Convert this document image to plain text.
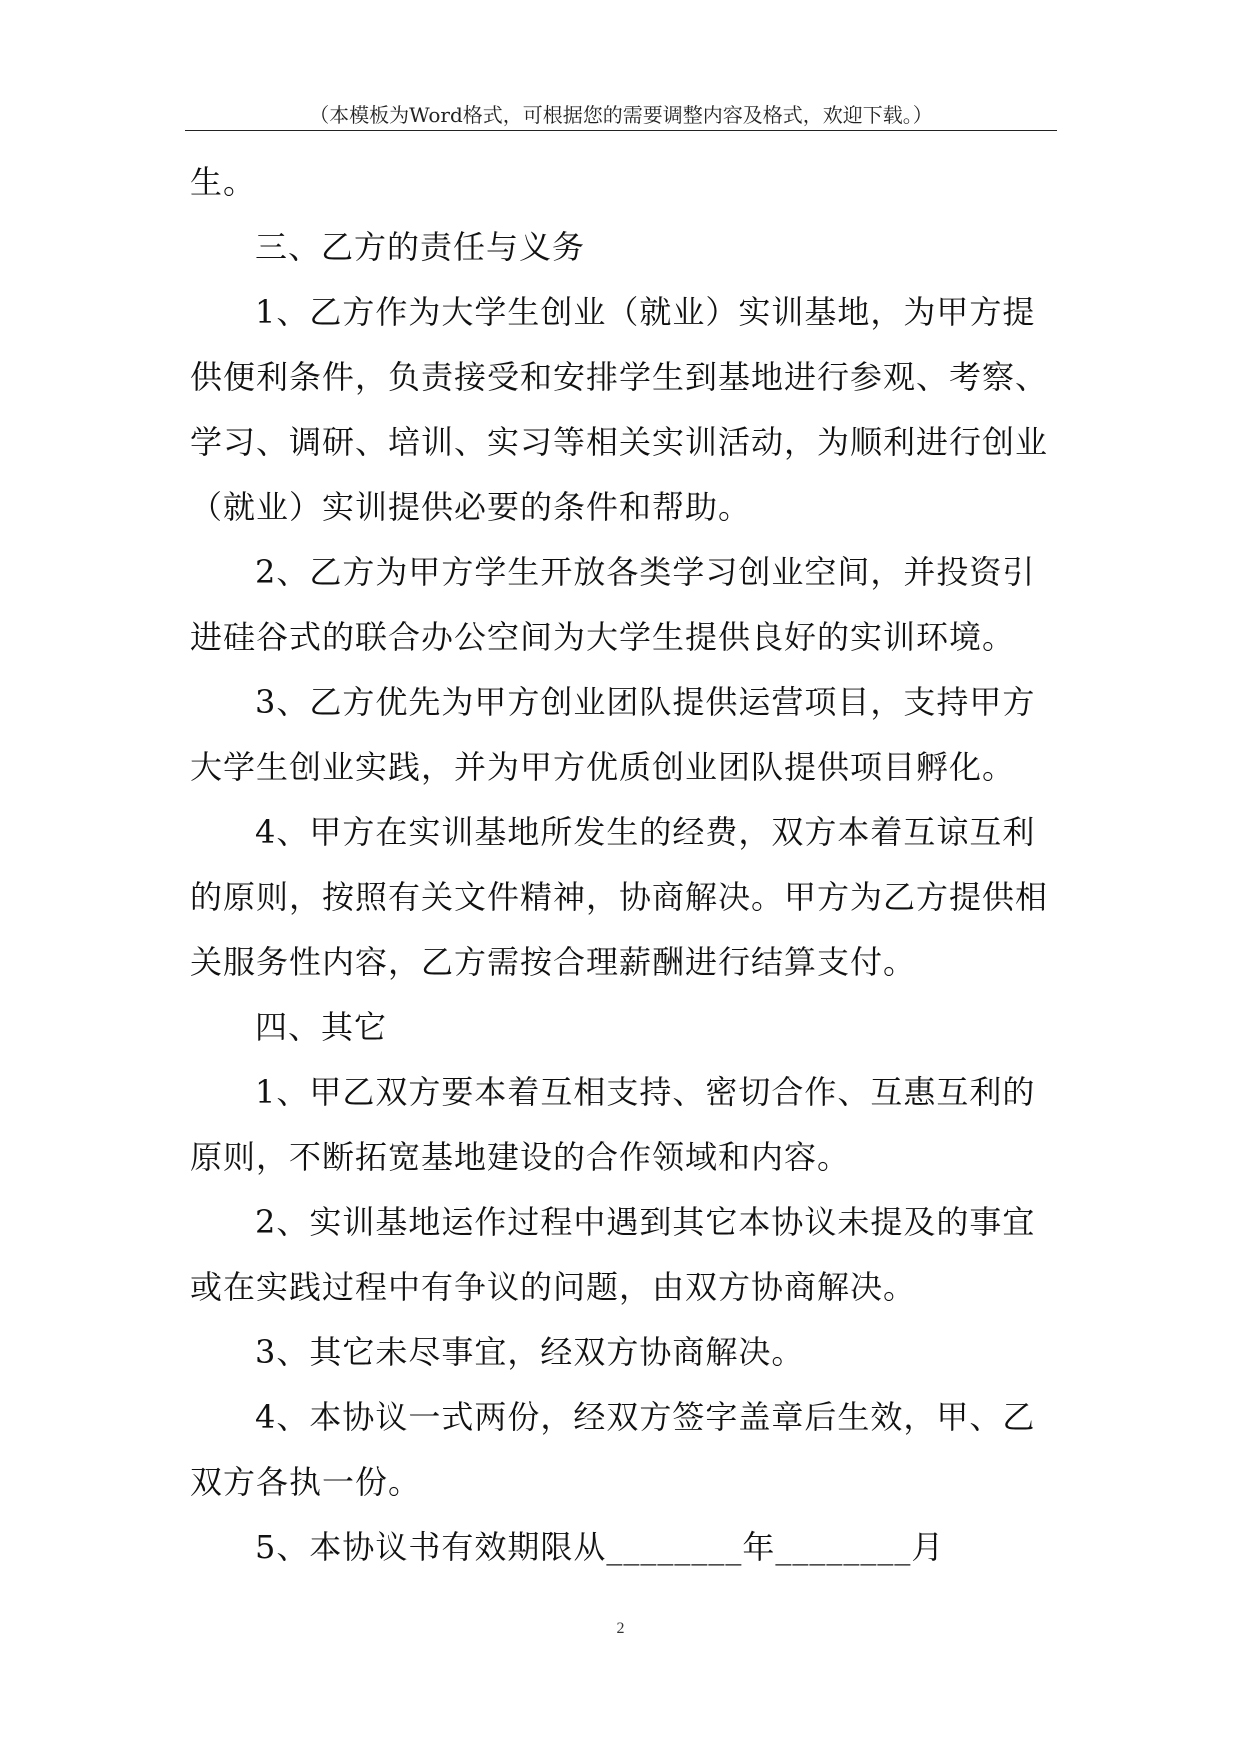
（本模板为Word格式，可根据您的需要调整内容及格式，欢迎下载。）

生。

三、乙方的责任与义务

1、乙方作为大学生创业（就业）实训基地，为甲方提

供便利条件，负责接受和安排学生到基地进行参观、考察、

学习、调研、培训、实习等相关实训活动，为顺利进行创业

（就业）实训提供必要的条件和帮助。

2、乙方为甲方学生开放各类学习创业空间，并投资引

进硅谷式的联合办公空间为大学生提供良好的实训环境。

3、乙方优先为甲方创业团队提供运营项目，支持甲方

大学生创业实践，并为甲方优质创业团队提供项目孵化。

4、甲方在实训基地所发生的经费，双方本着互谅互利

的原则，按照有关文件精神，协商解决。甲方为乙方提供相

关服务性内容，乙方需按合理薪酬进行结算支付。

四、其它

1、甲乙双方要本着互相支持、密切合作、互惠互利的

原则，不断拓宽基地建设的合作领域和内容。

2、实训基地运作过程中遇到其它本协议未提及的事宜

或在实践过程中有争议的问题，由双方协商解决。

3、其它未尽事宜，经双方协商解决。

4、本协议一式两份，经双方签字盖章后生效，甲、乙

双方各执一份。

5、本协议书有效期限从________年________月

2
